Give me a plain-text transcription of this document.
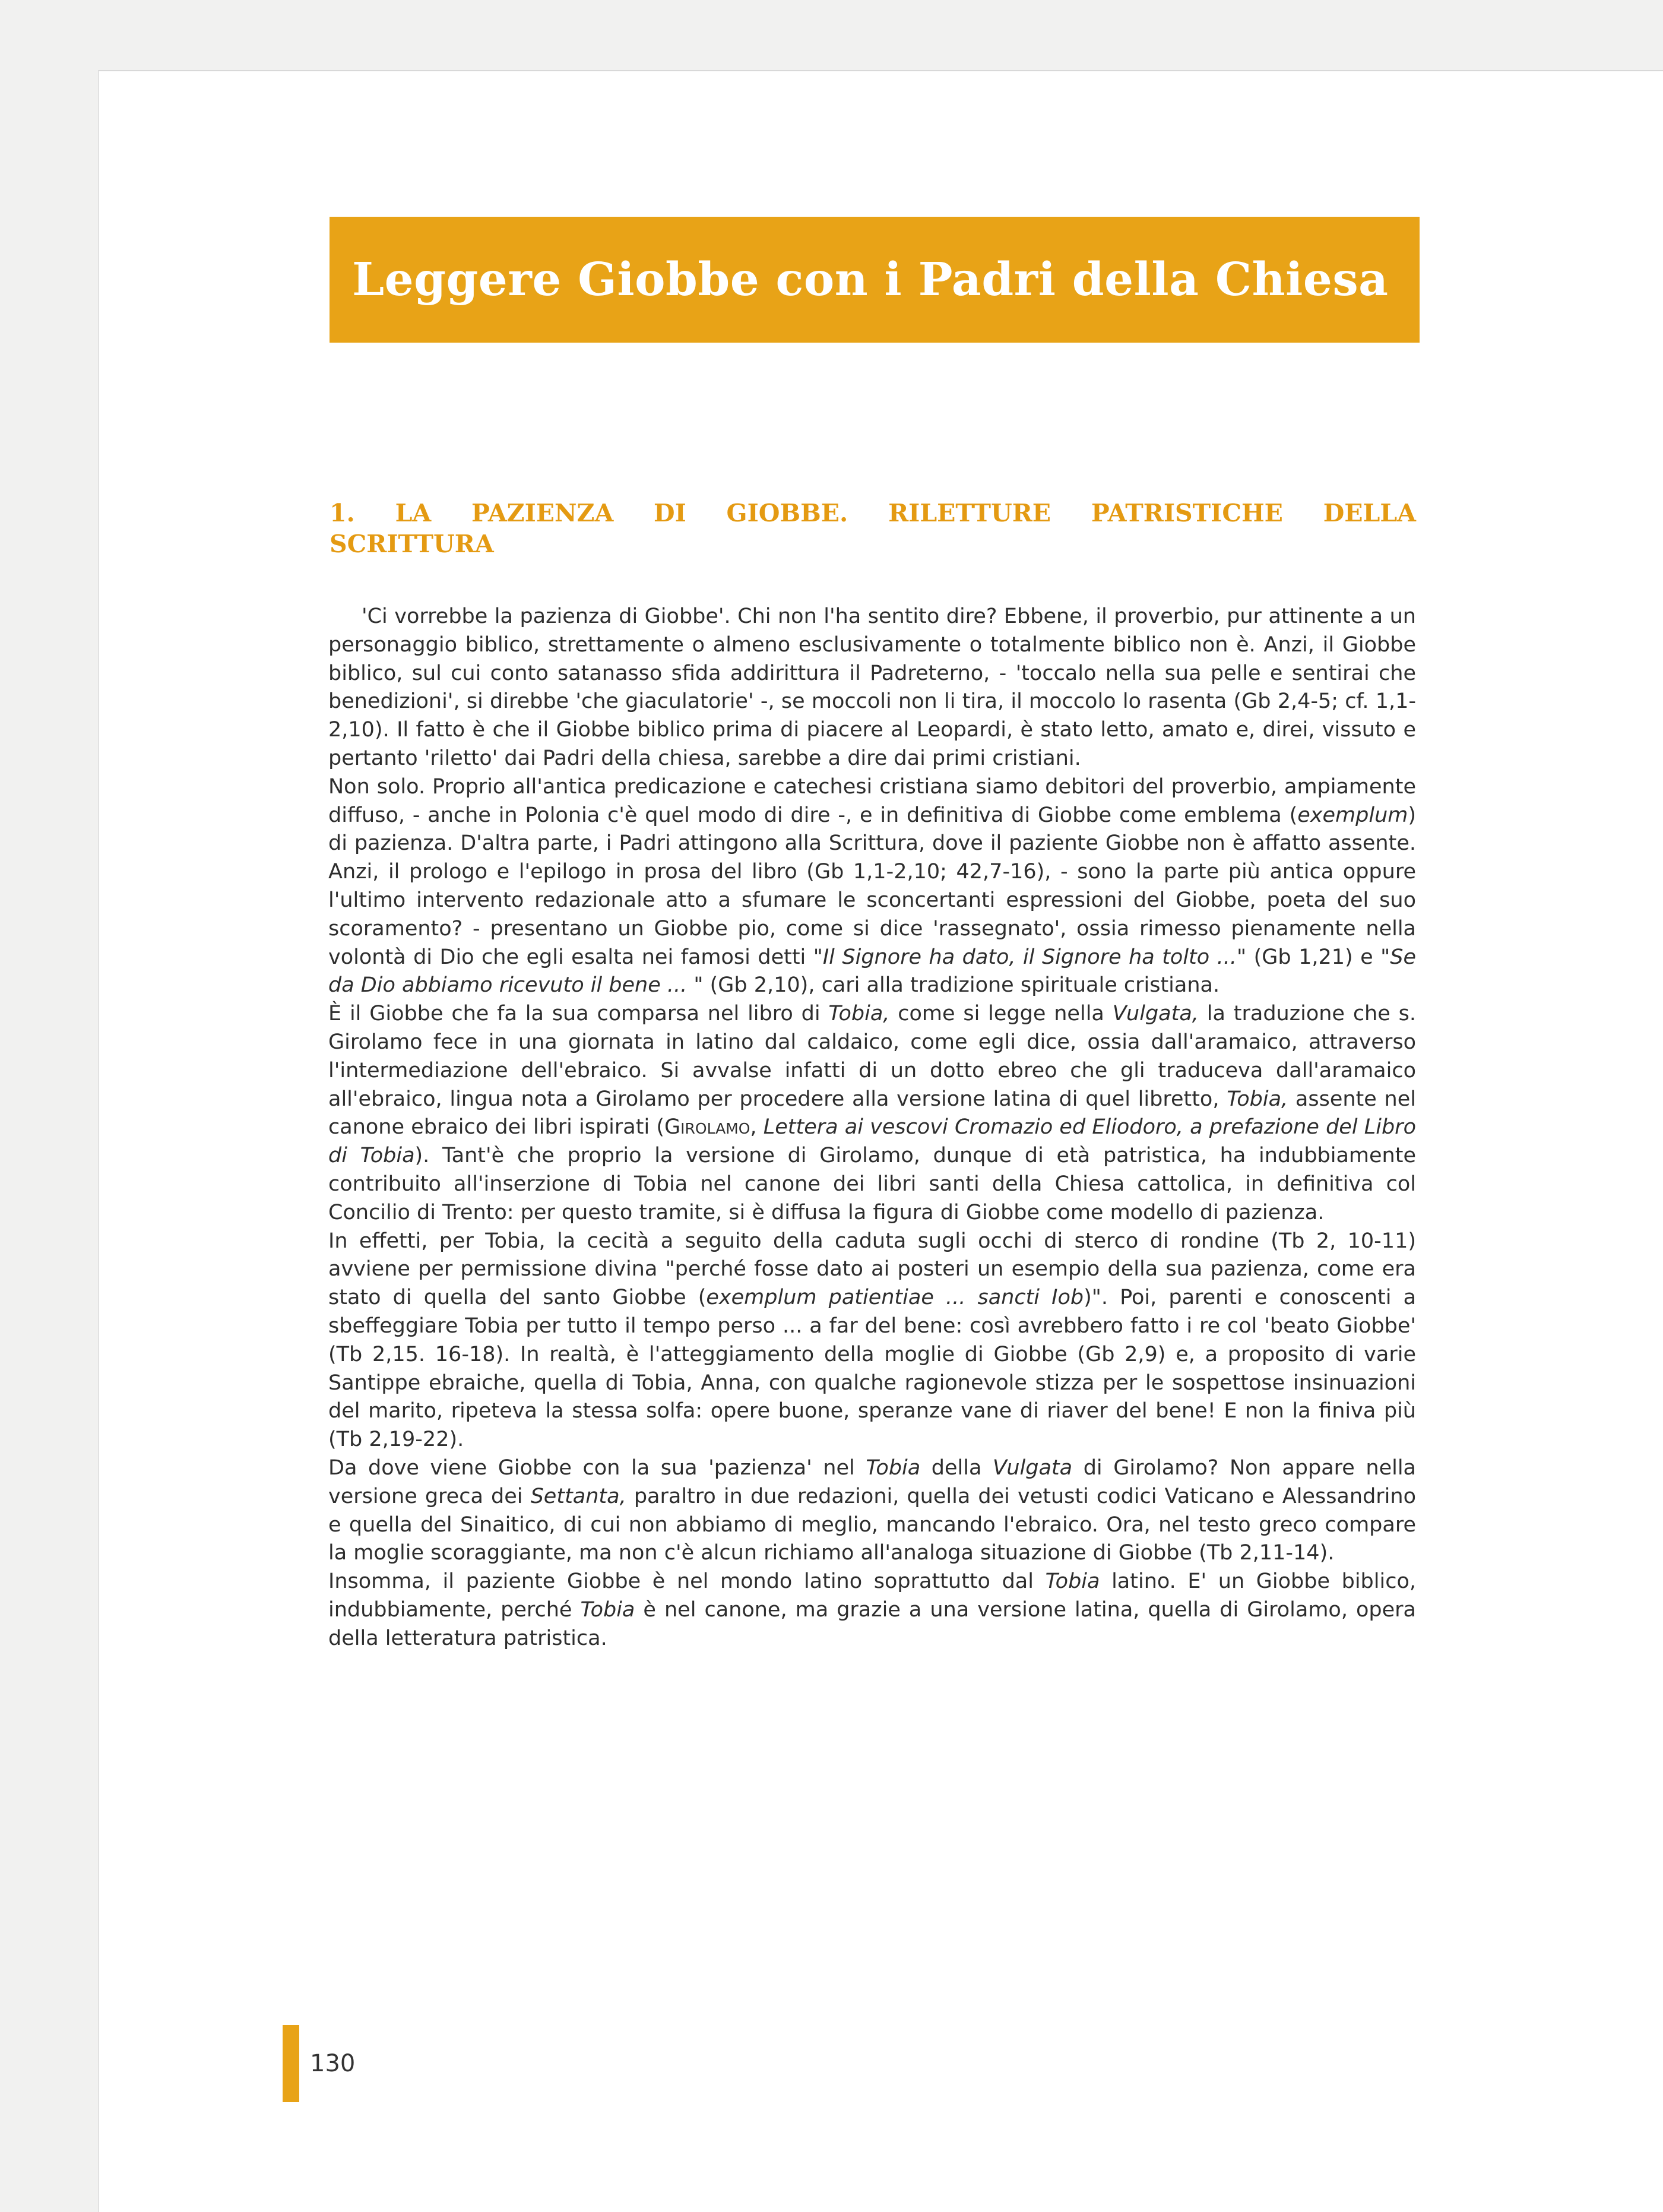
Leggere Giobbe con i Padri della Chiesa
1. LA PAZIENZA DI GIOBBE. RILETTURE PATRISTICHE DELLA
SCRITTURA

'Ci vorrebbe la pazienza di Giobbe'. Chi non l'ha sentito dire? Ebbene, il proverbio, pur attinente a un personaggio biblico, strettamente o almeno esclusivamente o totalmente biblico non è. Anzi, il Giobbe biblico, sul cui conto satanasso sfida addirittura il Padreterno, - 'toccalo nella sua pelle e sentirai che benedizioni', si direbbe 'che giaculatorie' -, se moccoli non li tira, il moccolo lo rasenta (Gb 2,4-5; cf. 1,1-2,10). Il fatto è che il Giobbe biblico prima di piacere al Leopardi, è stato letto, amato e, direi, vissuto e pertanto 'riletto' dai Padri della chiesa, sarebbe a dire dai primi cristiani.

Non solo. Proprio all'antica predicazione e catechesi cristiana siamo debitori del proverbio, ampiamente diffuso, - anche in Polonia c'è quel modo di dire -, e in definitiva di Giobbe come emblema (exemplum) di pazienza. D'altra parte, i Padri attingono alla Scrittura, dove il paziente Giobbe non è affatto assente. Anzi, il prologo e l'epilogo in prosa del libro (Gb 1,1-2,10; 42,7-16), - sono la parte più antica oppure l'ultimo intervento redazionale atto a sfumare le sconcertanti espressioni del Giobbe, poeta del suo scoramento? - presentano un Giobbe pio, come si dice 'rassegnato', ossia rimesso pienamente nella volontà di Dio che egli esalta nei famosi detti "Il Signore ha dato, il Signore ha tolto ..." (Gb 1,21) e "Se da Dio abbiamo ricevuto il bene ... " (Gb 2,10), cari alla tradizione spirituale cristiana.

È il Giobbe che fa la sua comparsa nel libro di Tobia, come si legge nella Vulgata, la traduzione che s. Girolamo fece in una giornata in latino dal caldaico, come egli dice, ossia dall'aramaico, attraverso l'intermediazione dell'ebraico. Si avvalse infatti di un dotto ebreo che gli traduceva dall'aramaico all'ebraico, lingua nota a Girolamo per procedere alla versione latina di quel libretto, Tobia, assente nel canone ebraico dei libri ispirati (Girolamo, Lettera ai vescovi Cromazio ed Eliodoro, a prefazione del Libro di Tobia). Tant'è che proprio la versione di Girolamo, dunque di età patristica, ha indubbiamente contribuito all'inserzione di Tobia nel canone dei libri santi della Chiesa cattolica, in definitiva col Concilio di Trento: per questo tramite, si è diffusa la figura di Giobbe come modello di pazienza.

In effetti, per Tobia, la cecità a seguito della caduta sugli occhi di sterco di rondine (Tb 2, 10-11) avviene per permissione divina "perché fosse dato ai posteri un esempio della sua pazienza, come era stato di quella del santo Giobbe (exemplum patientiae ... sancti Iob)". Poi, parenti e conoscenti a sbeffeggiare Tobia per tutto il tempo perso ... a far del bene: così avrebbero fatto i re col 'beato Giobbe' (Tb 2,15. 16-18). In realtà, è l'atteggiamento della moglie di Giobbe (Gb 2,9) e, a proposito di varie Santippe ebraiche, quella di Tobia, Anna, con qualche ragionevole stizza per le sospettose insinuazioni del marito, ripeteva la stessa solfa: opere buone, speranze vane di riaver del bene! E non la finiva più (Tb 2,19-22).

Da dove viene Giobbe con la sua 'pazienza' nel Tobia della Vulgata di Girolamo? Non appare nella versione greca dei Settanta, paraltro in due redazioni, quella dei vetusti codici Vaticano e Alessandrino e quella del Sinaitico, di cui non abbiamo di meglio, mancando l'ebraico. Ora, nel testo greco compare la moglie scoraggiante, ma non c'è alcun richiamo all'analoga situazione di Giobbe (Tb 2,11-14).

Insomma, il paziente Giobbe è nel mondo latino soprattutto dal Tobia latino. E' un Giobbe biblico, indubbiamente, perché Tobia è nel canone, ma grazie a una versione latina, quella di Girolamo, opera della letteratura patristica.

130
